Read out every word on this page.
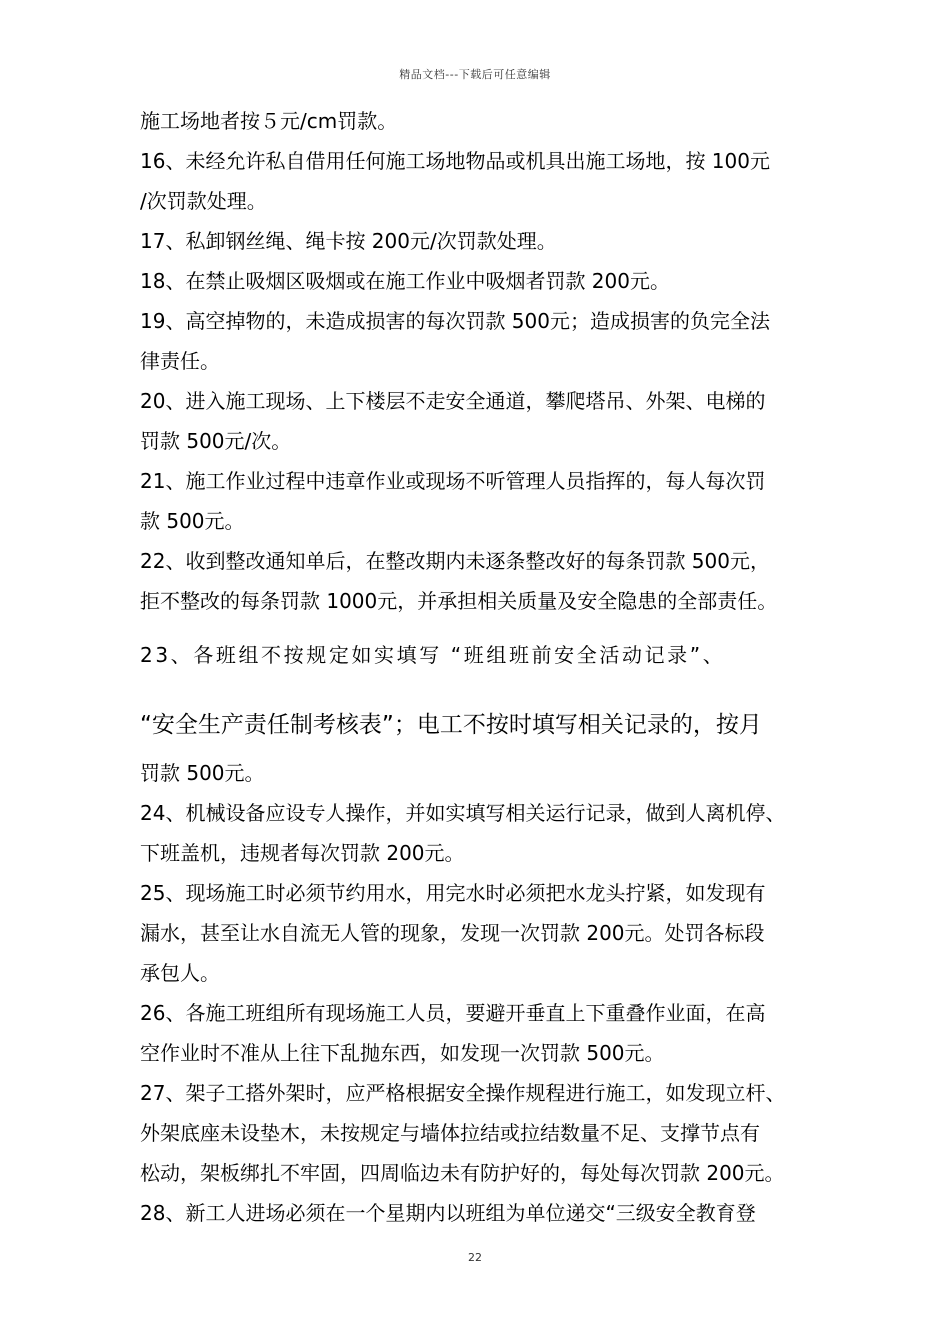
精品文档---下载后可任意编辑
施工场地者按５元/cm罚款。
16、未经允许私自借用任何施工场地物品或机具出施工场地，按 100元
/次罚款处理。
17、私卸钢丝绳、绳卡按 200元/次罚款处理。
18、在禁止吸烟区吸烟或在施工作业中吸烟者罚款 200元。
19、高空掉物的，未造成损害的每次罚款 500元；造成损害的负完全法
律责任。
20、进入施工现场、上下楼层不走安全通道，攀爬塔吊、外架、电梯的
罚款 500元/次。
21、施工作业过程中违章作业或现场不听管理人员指挥的，每人每次罚
款 500元。
22、收到整改通知单后，在整改期内未逐条整改好的每条罚款 500元，
拒不整改的每条罚款 1000元，并承担相关质量及安全隐患的全部责任。
23、各班组不按规定如实填写 “班组班前安全活动记录”、
“安全生产责任制考核表”；电工不按时填写相关记录的，按月
罚款 500元。
24、机械设备应设专人操作，并如实填写相关运行记录，做到人离机停、
下班盖机，违规者每次罚款 200元。
25、现场施工时必须节约用水，用完水时必须把水龙头拧紧，如发现有
漏水，甚至让水自流无人管的现象，发现一次罚款 200元。处罚各标段
承包人。
26、各施工班组所有现场施工人员，要避开垂直上下重叠作业面，在高
空作业时不准从上往下乱抛东西，如发现一次罚款 500元。
27、架子工搭外架时，应严格根据安全操作规程进行施工，如发现立杆、
外架底座未设垫木，未按规定与墙体拉结或拉结数量不足、支撑节点有
松动，架板绑扎不牢固，四周临边未有防护好的，每处每次罚款 200元。
28、新工人进场必须在一个星期内以班组为单位递交“三级安全教育登
22
